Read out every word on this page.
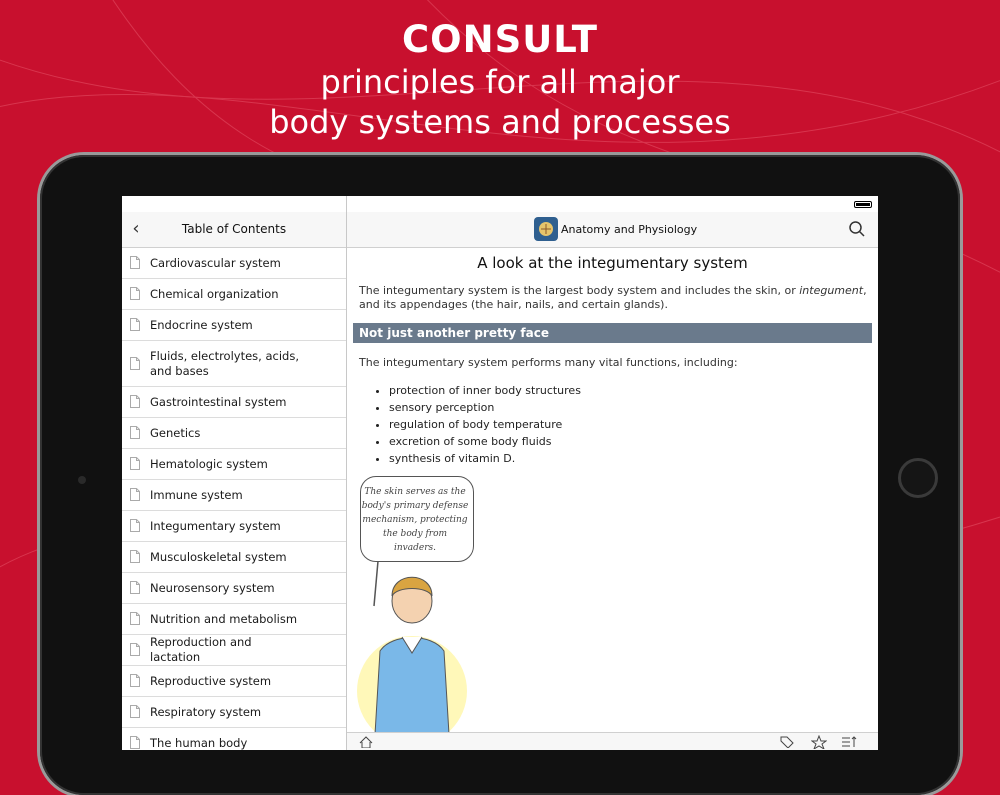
CONSULT
principles for all major
body systems and processes
Table of Contents
‹
Cardiovascular system
Chemical organization
Endocrine system
Fluids, electrolytes, acids, and bases
Gastrointestinal system
Genetics
Hematologic system
Immune system
Integumentary system
Musculoskeletal system
Neurosensory system
Nutrition and metabolism
Reproduction and lactation
Reproductive system
Respiratory system
The human body
Anatomy and Physiology
A look at the integumentary system
The integumentary system is the largest body system and includes the skin, or integument, and its appendages (the hair, nails, and certain glands).
Not just another pretty face
The integumentary system performs many vital functions, including:
• protection of inner body structures
• sensory perception
• regulation of body temperature
• excretion of some body fluids
• synthesis of vitamin D.
The skin serves as the body's primary defense mechanism, protecting the body from invaders.
